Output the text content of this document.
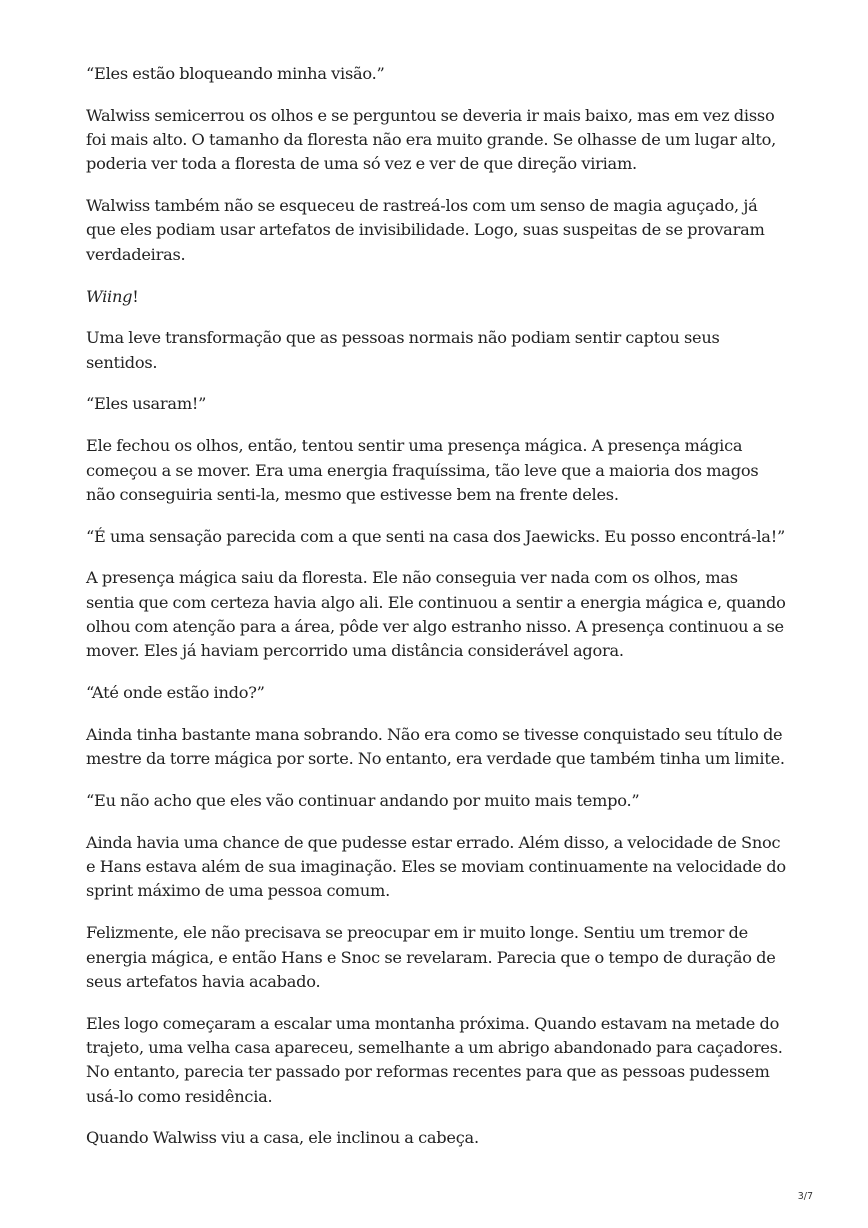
“Eles estão bloqueando minha visão.”

Walwiss semicerrou os olhos e se perguntou se deveria ir mais baixo, mas em vez disso foi mais alto. O tamanho da floresta não era muito grande. Se olhasse de um lugar alto, poderia ver toda a floresta de uma só vez e ver de que direção viriam.

Walwiss também não se esqueceu de rastreá-los com um senso de magia aguçado, já que eles podiam usar artefatos de invisibilidade. Logo, suas suspeitas de se provaram verdadeiras.

Wiing!

Uma leve transformação que as pessoas normais não podiam sentir captou seus sentidos.

“Eles usaram!”

Ele fechou os olhos, então, tentou sentir uma presença mágica. A presença mágica começou a se mover. Era uma energia fraquíssima, tão leve que a maioria dos magos não conseguiria senti-la, mesmo que estivesse bem na frente deles.

“É uma sensação parecida com a que senti na casa dos Jaewicks. Eu posso encontrá-la!”

A presença mágica saiu da floresta. Ele não conseguia ver nada com os olhos, mas sentia que com certeza havia algo ali. Ele continuou a sentir a energia mágica e, quando olhou com atenção para a área, pôde ver algo estranho nisso. A presença continuou a se mover. Eles já haviam percorrido uma distância considerável agora.

“Até onde estão indo?”

Ainda tinha bastante mana sobrando. Não era como se tivesse conquistado seu título de mestre da torre mágica por sorte. No entanto, era verdade que também tinha um limite.

“Eu não acho que eles vão continuar andando por muito mais tempo.”

Ainda havia uma chance de que pudesse estar errado. Além disso, a velocidade de Snoc e Hans estava além de sua imaginação. Eles se moviam continuamente na velocidade do sprint máximo de uma pessoa comum.

Felizmente, ele não precisava se preocupar em ir muito longe. Sentiu um tremor de energia mágica, e então Hans e Snoc se revelaram. Parecia que o tempo de duração de seus artefatos havia acabado.

Eles logo começaram a escalar uma montanha próxima. Quando estavam na metade do trajeto, uma velha casa apareceu, semelhante a um abrigo abandonado para caçadores. No entanto, parecia ter passado por reformas recentes para que as pessoas pudessem usá-lo como residência.

Quando Walwiss viu a casa, ele inclinou a cabeça.

3/7
